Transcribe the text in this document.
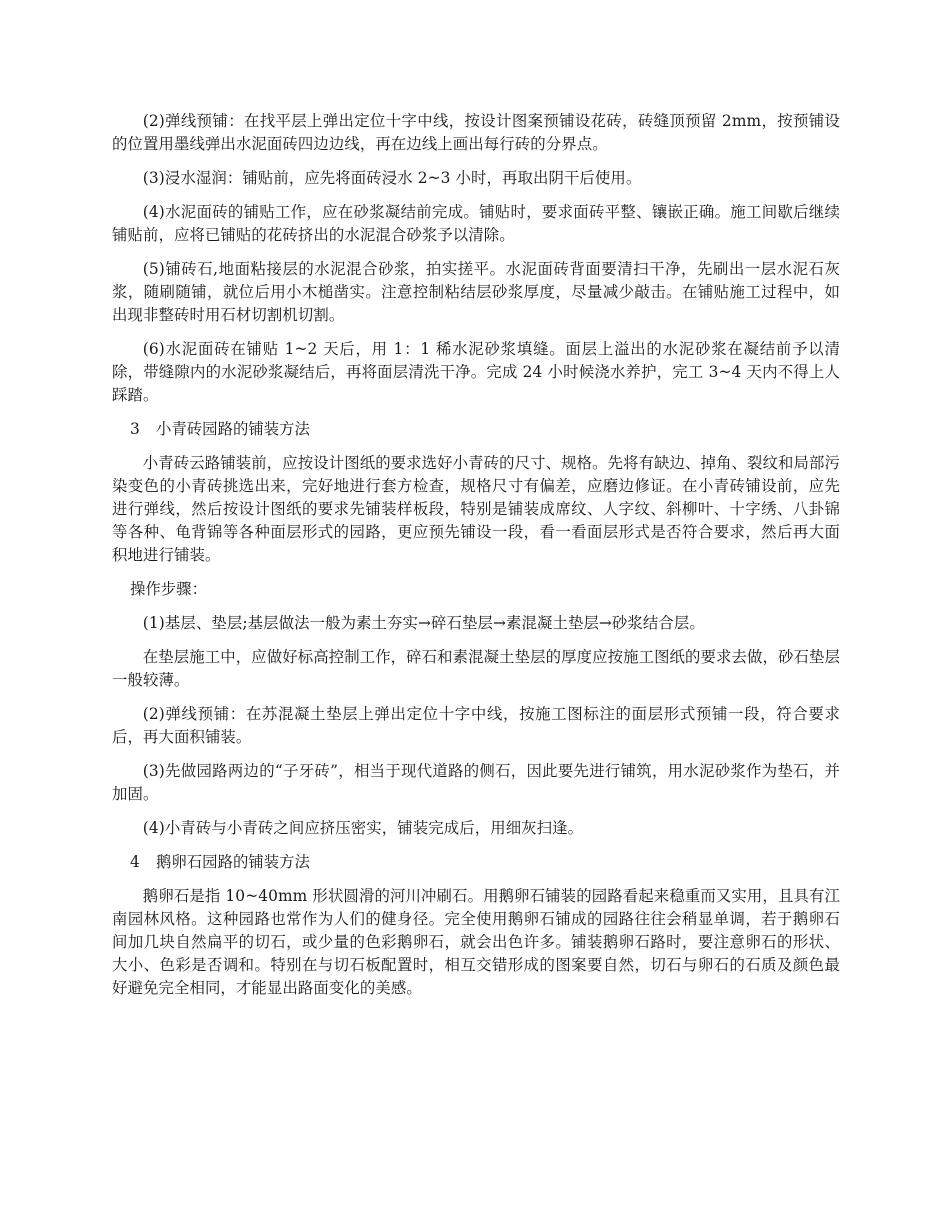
(2)弹线预铺：在找平层上弹出定位十字中线，按设计图案预铺设花砖，砖缝顶预留 2mm，按预铺设的位置用墨线弹出水泥面砖四边边线，再在边线上画出每行砖的分界点。

(3)浸水湿润：铺贴前，应先将面砖浸水 2~3 小时，再取出阴干后使用。

(4)水泥面砖的铺贴工作，应在砂浆凝结前完成。铺贴时，要求面砖平整、镶嵌正确。施工间歇后继续铺贴前，应将已铺贴的花砖挤出的水泥混合砂浆予以清除。

(5)铺砖石,地面粘接层的水泥混合砂浆，拍实搓平。水泥面砖背面要清扫干净，先刷出一层水泥石灰浆，随刷随铺，就位后用小木槌凿实。注意控制粘结层砂浆厚度，尽量减少敲击。在铺贴施工过程中，如出现非整砖时用石材切割机切割。

(6)水泥面砖在铺贴 1~2 天后，用 1：1 稀水泥砂浆填缝。面层上溢出的水泥砂浆在凝结前予以清除，带缝隙内的水泥砂浆凝结后，再将面层清洗干净。完成 24 小时候浇水养护，完工 3~4 天内不得上人踩踏。

3 小青砖园路的铺装方法

小青砖云路铺装前，应按设计图纸的要求选好小青砖的尺寸、规格。先将有缺边、掉角、裂纹和局部污染变色的小青砖挑选出来，完好地进行套方检查，规格尺寸有偏差，应磨边修证。在小青砖铺设前，应先进行弹线，然后按设计图纸的要求先铺装样板段，特别是铺装成席纹、人字纹、斜柳叶、十字绣、八卦锦等各种、龟背锦等各种面层形式的园路，更应预先铺设一段，看一看面层形式是否符合要求，然后再大面积地进行铺装。

操作步骤：

(1)基层、垫层;基层做法一般为素土夯实→碎石垫层→素混凝土垫层→砂浆结合层。

在垫层施工中，应做好标高控制工作，碎石和素混凝土垫层的厚度应按施工图纸的要求去做，砂石垫层一般较薄。

(2)弹线预铺：在苏混凝土垫层上弹出定位十字中线，按施工图标注的面层形式预铺一段，符合要求后，再大面积铺装。

(3)先做园路两边的“子牙砖”，相当于现代道路的侧石，因此要先进行铺筑，用水泥砂浆作为垫石，并加固。

(4)小青砖与小青砖之间应挤压密实，铺装完成后，用细灰扫逢。

4 鹅卵石园路的铺装方法

鹅卵石是指 10~40mm 形状圆滑的河川冲刷石。用鹅卵石铺装的园路看起来稳重而又实用，且具有江南园林风格。这种园路也常作为人们的健身径。完全使用鹅卵石铺成的园路往往会稍显单调，若于鹅卵石间加几块自然扁平的切石，或少量的色彩鹅卵石，就会出色许多。铺装鹅卵石路时，要注意卵石的形状、大小、色彩是否调和。特别在与切石板配置时，相互交错形成的图案要自然，切石与卵石的石质及颜色最好避免完全相同，才能显出路面变化的美感。
